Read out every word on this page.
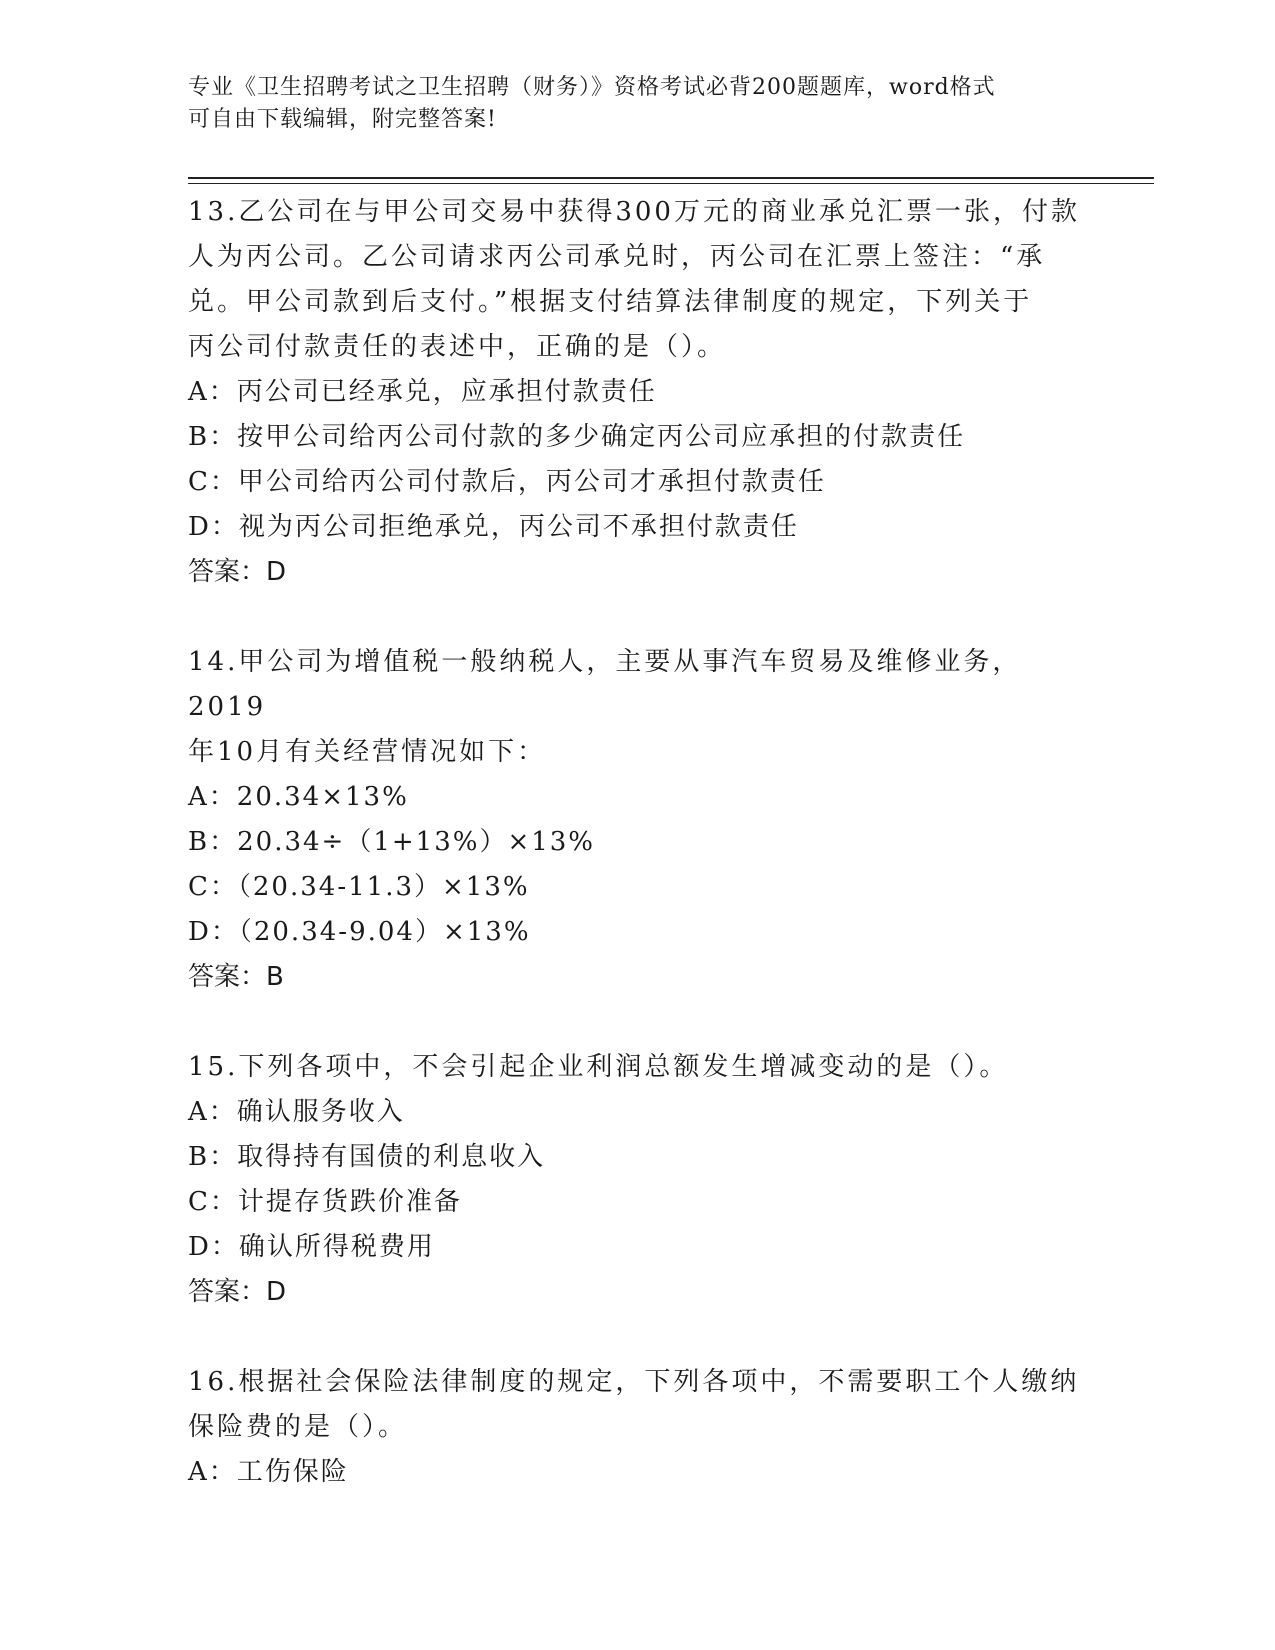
专业《卫生招聘考试之卫生招聘（财务）》资格考试必背200题题库，word格式
可自由下载编辑，附完整答案!

13.乙公司在与甲公司交易中获得300万元的商业承兑汇票一张，付款

人为丙公司。乙公司请求丙公司承兑时，丙公司在汇票上签注：“承

兑。甲公司款到后支付。”根据支付结算法律制度的规定，下列关于

丙公司付款责任的表述中，正确的是（）。

A：丙公司已经承兑，应承担付款责任

B：按甲公司给丙公司付款的多少确定丙公司应承担的付款责任

C：甲公司给丙公司付款后，丙公司才承担付款责任

D：视为丙公司拒绝承兑，丙公司不承担付款责任

答案：D

14.甲公司为增值税一般纳税人，主要从事汽车贸易及维修业务，2019

年10月有关经营情况如下：

A：20.34×13%

B：20.34÷（1+13%）×13%

C：（20.34-11.3）×13%

D：（20.34-9.04）×13%

答案：B

15.下列各项中，不会引起企业利润总额发生增减变动的是（）。

A：确认服务收入

B：取得持有国债的利息收入

C：计提存货跌价准备

D：确认所得税费用

答案：D

16.根据社会保险法律制度的规定，下列各项中，不需要职工个人缴纳

保险费的是（）。

A：工伤保险
